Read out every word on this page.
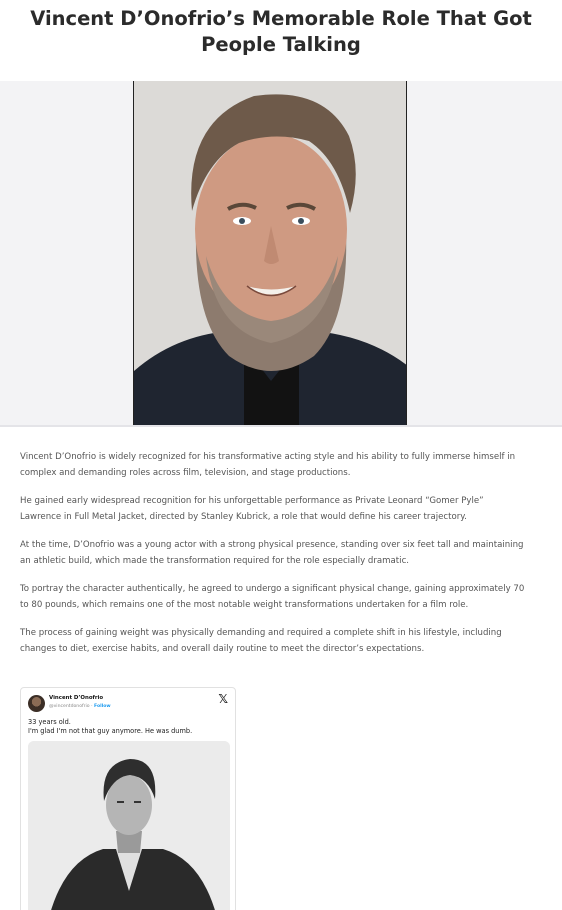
Vincent D’Onofrio’s Memorable Role That Got People Talking

Vincent D’Onofrio is widely recognized for his transformative acting style and his ability to fully immerse himself in complex and demanding roles across film, television, and stage productions.

He gained early widespread recognition for his unforgettable performance as Private Leonard “Gomer Pyle” Lawrence in Full Metal Jacket, directed by Stanley Kubrick, a role that would define his career trajectory.

At the time, D’Onofrio was a young actor with a strong physical presence, standing over six feet tall and maintaining an athletic build, which made the transformation required for the role especially dramatic.

To portray the character authentically, he agreed to undergo a significant physical change, gaining approximately 70 to 80 pounds, which remains one of the most notable weight transformations undertaken for a film role.

The process of gaining weight was physically demanding and required a complete shift in his lifestyle, including changes to diet, exercise habits, and overall daily routine to meet the director’s expectations.

Vincent D’Onofrio
@vincentdonofrio · Follow
𝕏
33 years old.
I'm glad I'm not that guy anymore. He was dumb.
